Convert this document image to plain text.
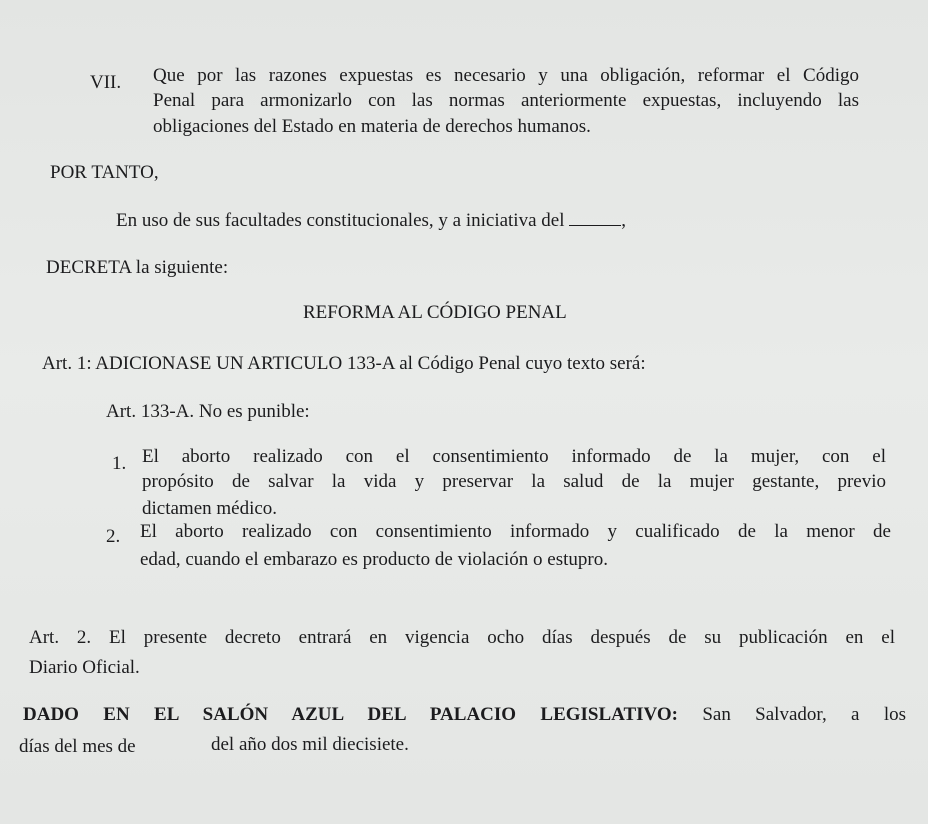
VII. Que por las razones expuestas es necesario y una obligación, reformar el Código
Penal para armonizarlo con las normas anteriormente expuestas, incluyendo las
obligaciones del Estado en materia de derechos humanos.
POR TANTO,
En uso de sus facultades constitucionales, y a iniciativa del	,
DECRETA la siguiente:
REFORMA AL CÓDIGO PENAL
Art. 1: ADICIONASE UN ARTICULO 133-A al Código Penal cuyo texto será:
Art. 133-A. No es punible:
1. El aborto realizado con el consentimiento informado de la mujer, con el
propósito de salvar la vida y preservar la salud de la mujer gestante, previo
dictamen médico.
2. El aborto realizado con consentimiento informado y cualificado de la menor de
edad, cuando el embarazo es producto de violación o estupro.
Art. 2. El presente decreto entrará en vigencia ocho días después de su publicación en el
Diario Oficial.
DADO EN EL SALÓN AZUL DEL PALACIO LEGISLATIVO: San Salvador, a los
días del mes de	del año dos mil diecisiete.
